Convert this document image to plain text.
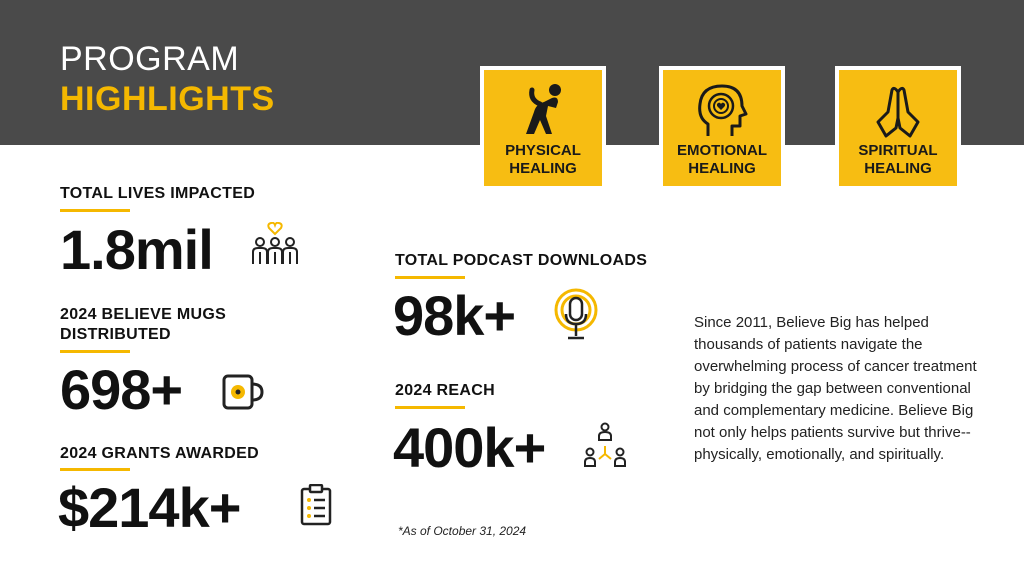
PROGRAM
HIGHLIGHTS
PHYSICAL
HEALING
EMOTIONAL
HEALING
SPIRITUAL
HEALING
TOTAL LIVES IMPACTED
1.8mil
2024 BELIEVE MUGS
DISTRIBUTED
698+
2024 GRANTS AWARDED
$214k+
TOTAL PODCAST DOWNLOADS
98k+
2024 REACH
400k+
Since 2011, Believe Big has helped thousands of patients navigate the overwhelming process of cancer treatment by bridging the gap between conventional and complementary medicine. Believe Big not only helps patients survive but thrive--physically, emotionally, and spiritually.
*As of October 31, 2024
